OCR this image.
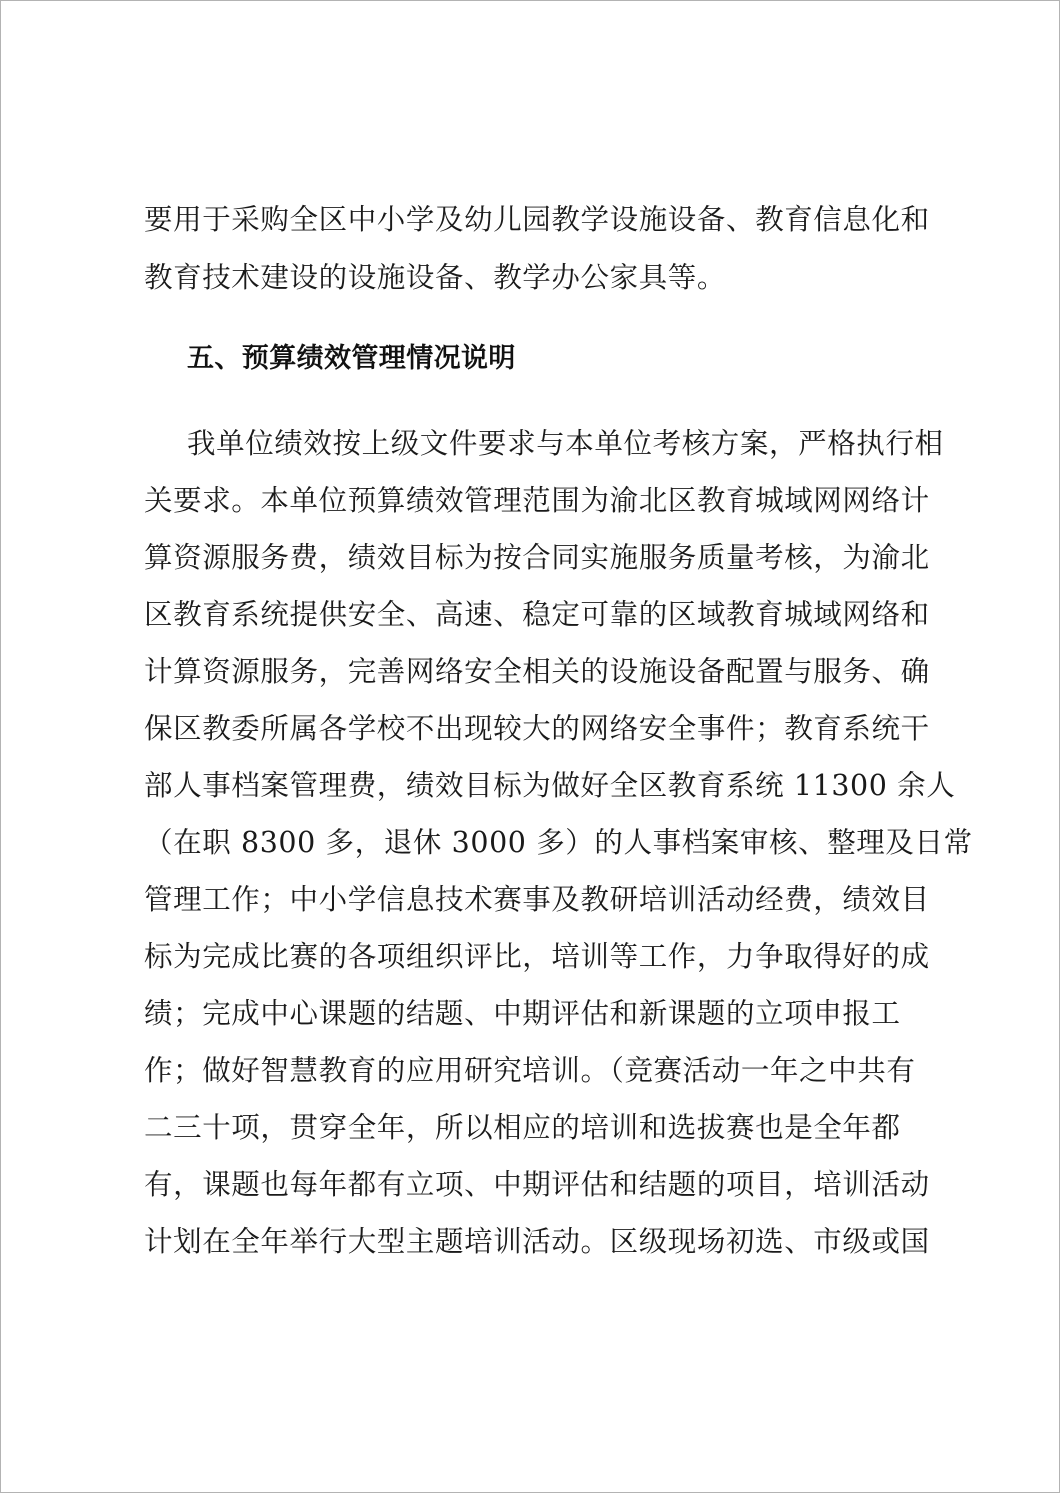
要用于采购全区中小学及幼儿园教学设施设备、教育信息化和
教育技术建设的设施设备、教学办公家具等。
五、预算绩效管理情况说明
我单位绩效按上级文件要求与本单位考核方案，严格执行相
关要求。本单位预算绩效管理范围为渝北区教育城域网网络计
算资源服务费，绩效目标为按合同实施服务质量考核，为渝北
区教育系统提供安全、高速、稳定可靠的区域教育城域网络和
计算资源服务，完善网络安全相关的设施设备配置与服务、确
保区教委所属各学校不出现较大的网络安全事件；教育系统干
部人事档案管理费，绩效目标为做好全区教育系统 11300 余人
（在职 8300 多，退休 3000 多）的人事档案审核、整理及日常
管理工作；中小学信息技术赛事及教研培训活动经费，绩效目
标为完成比赛的各项组织评比，培训等工作，力争取得好的成
绩；完成中心课题的结题、中期评估和新课题的立项申报工
作；做好智慧教育的应用研究培训。（竞赛活动一年之中共有
二三十项，贯穿全年，所以相应的培训和选拔赛也是全年都
有，课题也每年都有立项、中期评估和结题的项目，培训活动
计划在全年举行大型主题培训活动。区级现场初选、市级或国
